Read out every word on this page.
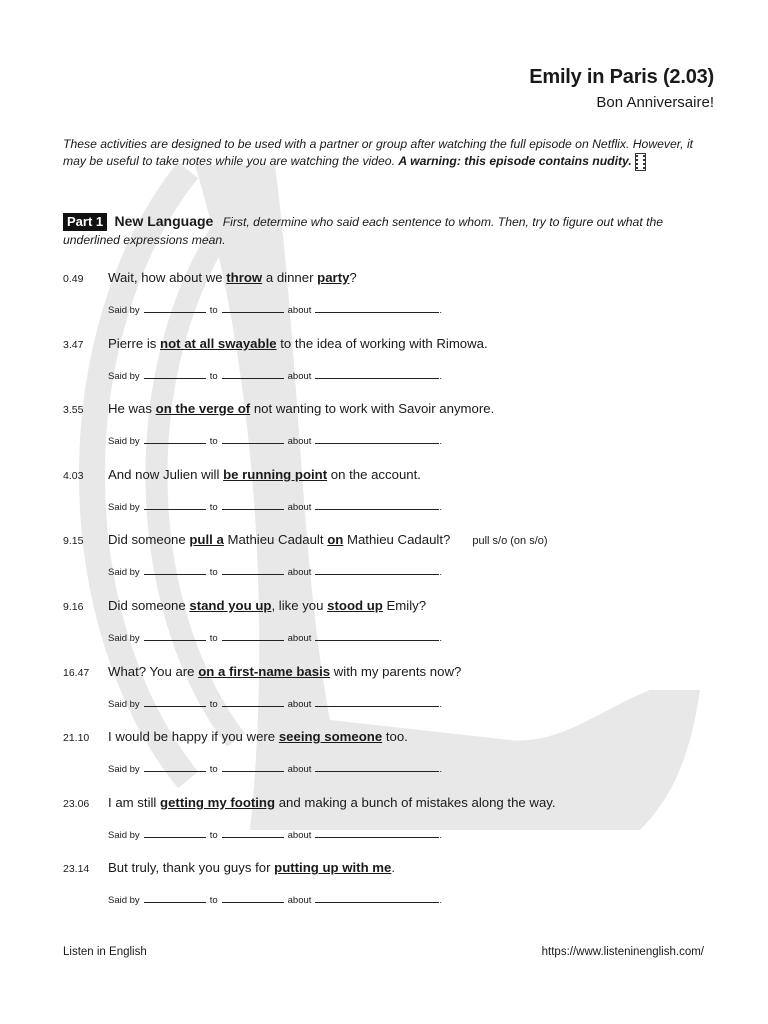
Emily in Paris (2.03)
Bon Anniversaire!
These activities are designed to be used with a partner or group after watching the full episode on Netflix. However, it may be useful to take notes while you are watching the video. A warning: this episode contains nudity.
Part 1 New Language First, determine who said each sentence to whom. Then, try to figure out what the underlined expressions mean.
0.49 Wait, how about we throw a dinner party?
Said by	to	about	.
3.47 Pierre is not at all swayable to the idea of working with Rimowa.
Said by	to	about	.
3.55 He was on the verge of not wanting to work with Savoir anymore.
Said by	to	about	.
4.03 And now Julien will be running point on the account.
Said by	to	about	.
9.15 Did someone pull a Mathieu Cadault on Mathieu Cadault? pull s/o (on s/o)
Said by	to	about	.
9.16 Did someone stand you up, like you stood up Emily?
Said by	to	about	.
16.47 What? You are on a first-name basis with my parents now?
Said by	to	about	.
21.10 I would be happy if you were seeing someone too.
Said by	to	about	.
23.06 I am still getting my footing and making a bunch of mistakes along the way.
Said by	to	about	.
23.14 But truly, thank you guys for putting up with me.
Said by	to	about	.
Listen in English	https://www.listeninenglish.com/
